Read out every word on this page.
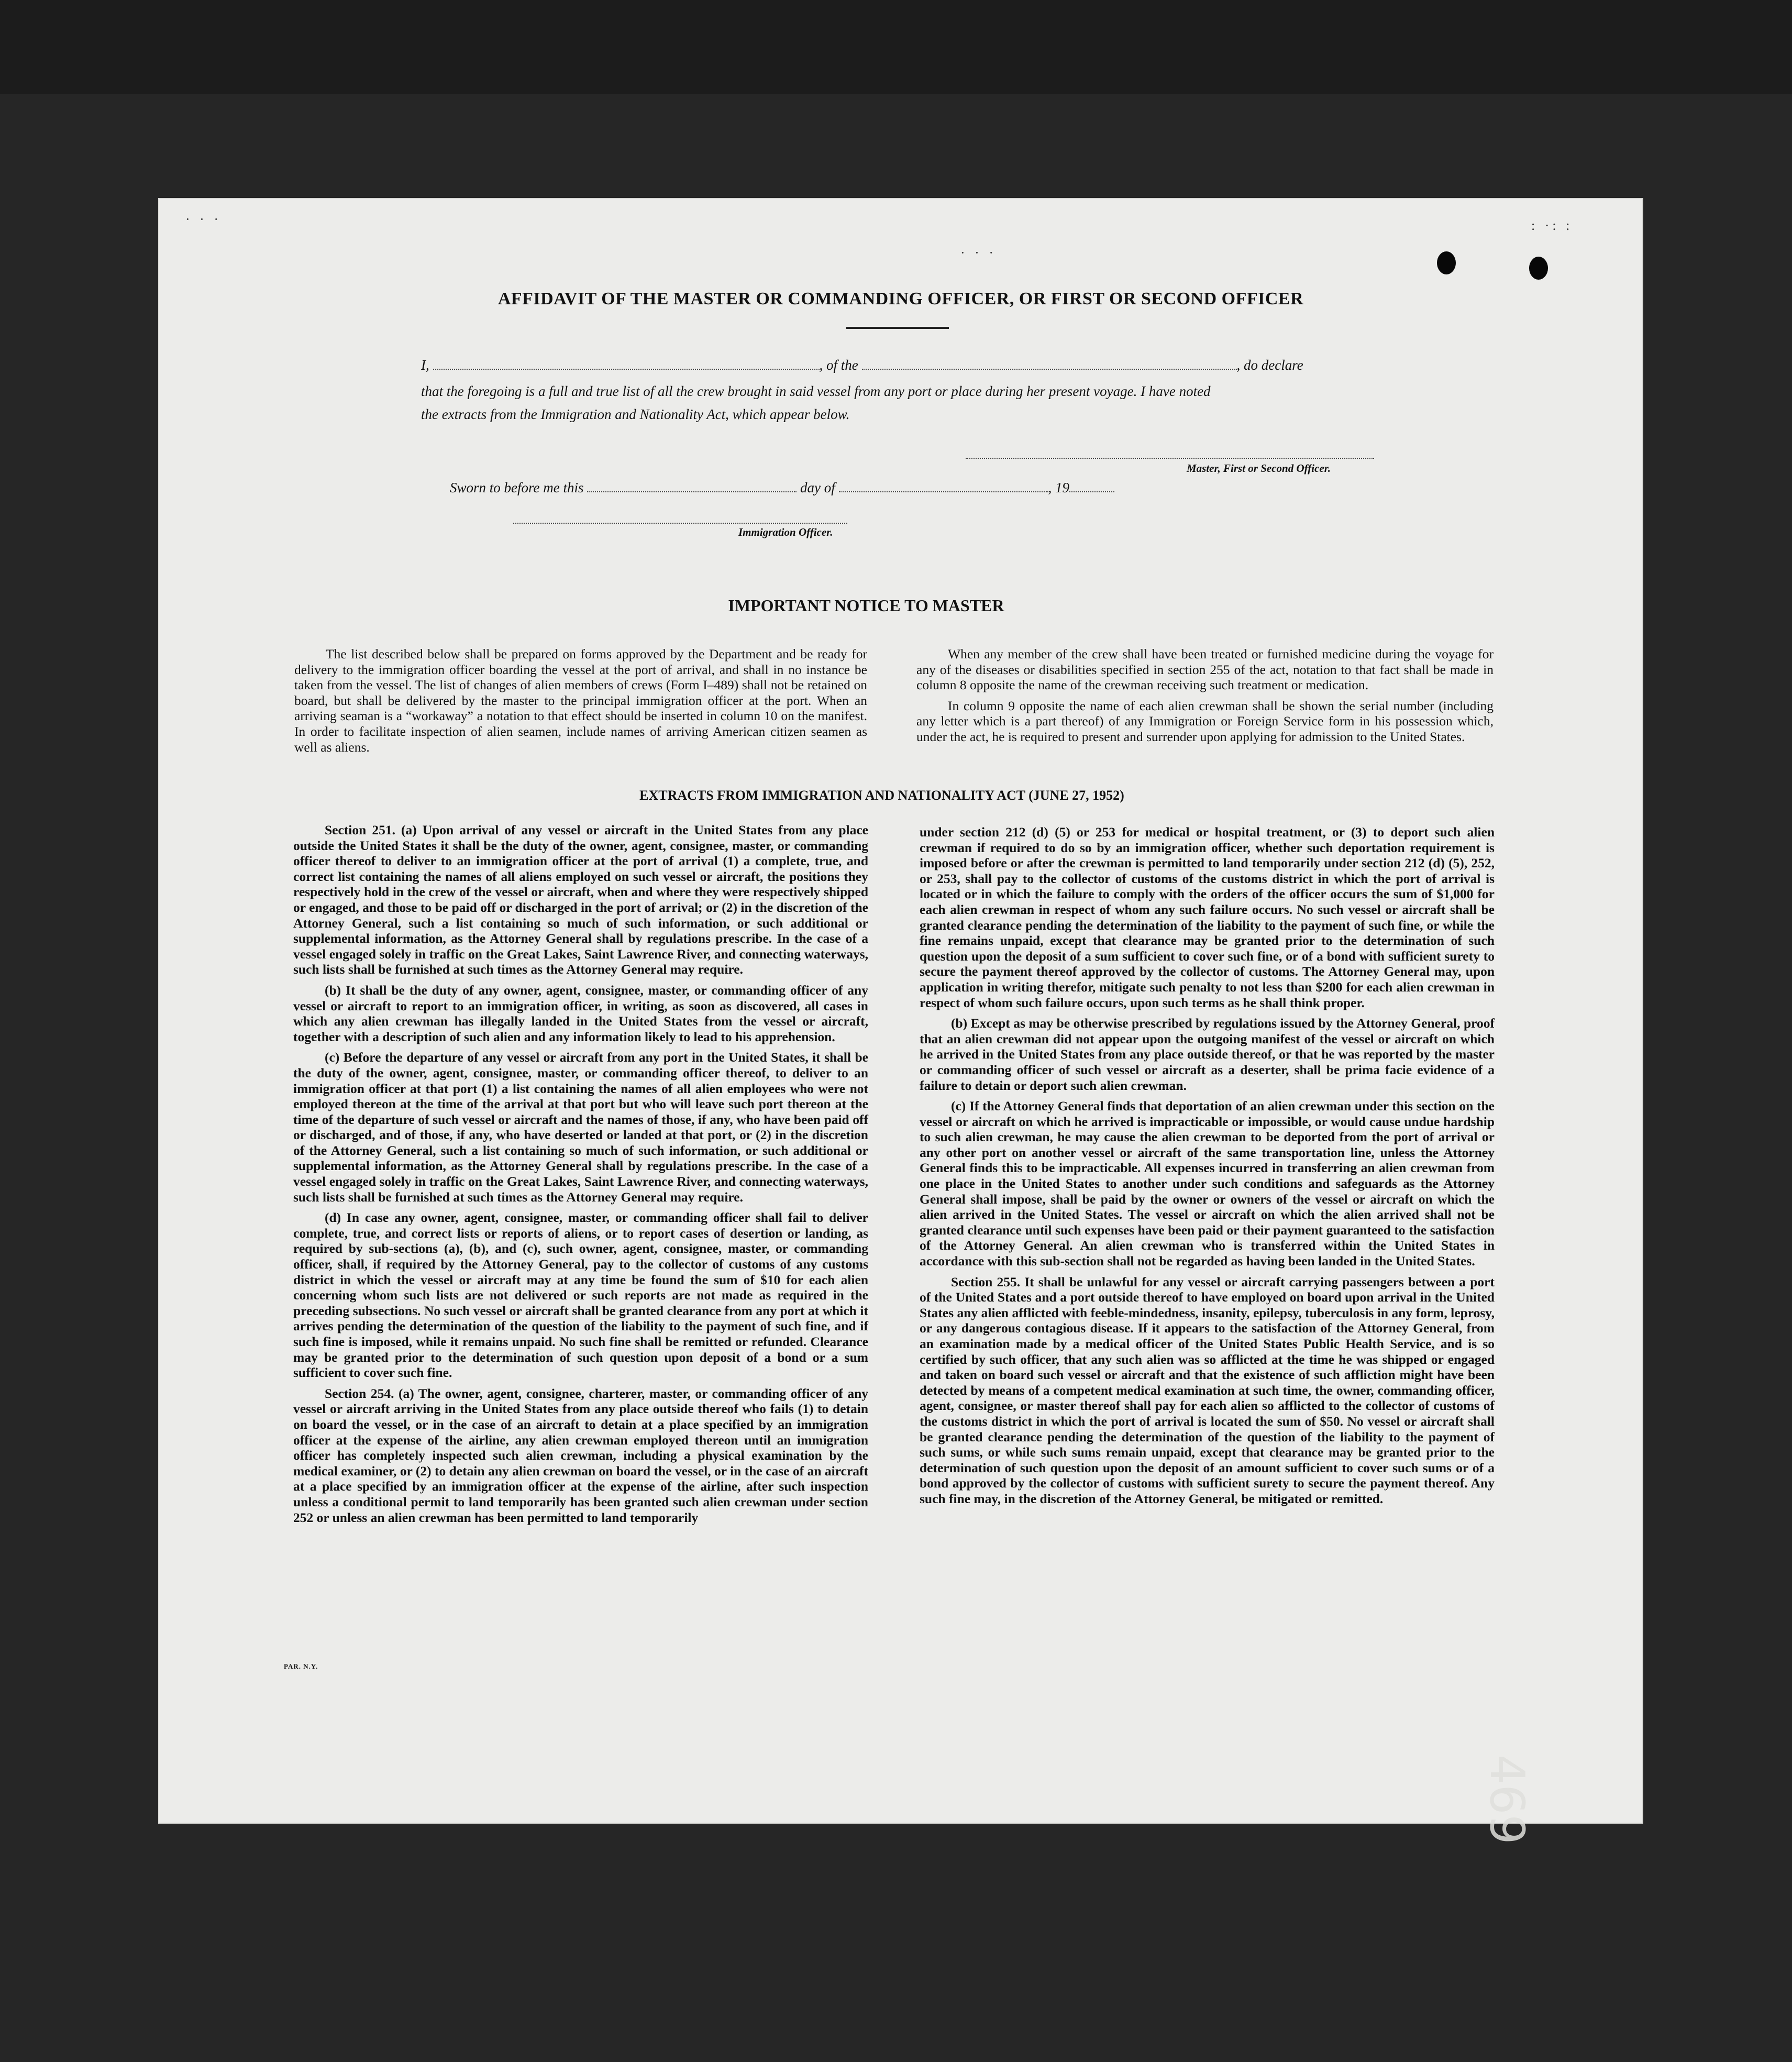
· · ·	: ·: :
· · ·
AFFIDAVIT OF THE MASTER OR COMMANDING OFFICER, OR FIRST OR SECOND OFFICER
I,	, of the	, do declare
that the foregoing is a full and true list of all the crew brought in said vessel from any port or place during her present voyage. I have noted
the extracts from the Immigration and Nationality Act, which appear below.
Master, First or Second Officer.
Sworn to before me this	day of	, 19
Immigration Officer.
IMPORTANT NOTICE TO MASTER

The list described below shall be prepared on forms approved by the Department and be ready for delivery to the immigration officer boarding the vessel at the port of arrival, and shall in no instance be taken from the vessel. The list of changes of alien members of crews (Form I–489) shall not be retained on board, but shall be delivered by the master to the principal immigration officer at the port. When an arriving seaman is a “workaway” a notation to that effect should be inserted in column 10 on the manifest. In order to facilitate inspection of alien seamen, include names of arriving American citizen seamen as well as aliens.

When any member of the crew shall have been treated or furnished medicine during the voyage for any of the diseases or disabilities specified in section 255 of the act, notation to that fact shall be made in column 8 opposite the name of the crewman receiving such treatment or medication.

In column 9 opposite the name of each alien crewman shall be shown the serial number (including any letter which is a part thereof) of any Immigration or Foreign Service form in his possession which, under the act, he is required to present and surrender upon applying for admission to the United States.

EXTRACTS FROM IMMIGRATION AND NATIONALITY ACT (JUNE 27, 1952)

Section 251. (a) Upon arrival of any vessel or aircraft in the United States from any place outside the United States it shall be the duty of the owner, agent, consignee, master, or commanding officer thereof to deliver to an immigration officer at the port of arrival (1) a complete, true, and correct list containing the names of all aliens employed on such vessel or aircraft, the positions they respectively hold in the crew of the vessel or aircraft, when and where they were respectively shipped or engaged, and those to be paid off or discharged in the port of arrival; or (2) in the discretion of the Attorney General, such a list containing so much of such information, or such additional or supplemental information, as the Attorney General shall by regulations prescribe. In the case of a vessel engaged solely in traffic on the Great Lakes, Saint Lawrence River, and connecting waterways, such lists shall be furnished at such times as the Attorney General may require.

(b) It shall be the duty of any owner, agent, consignee, master, or commanding officer of any vessel or aircraft to report to an immigration officer, in writing, as soon as discovered, all cases in which any alien crewman has illegally landed in the United States from the vessel or aircraft, together with a description of such alien and any information likely to lead to his apprehension.

(c) Before the departure of any vessel or aircraft from any port in the United States, it shall be the duty of the owner, agent, consignee, master, or commanding officer thereof, to deliver to an immigration officer at that port (1) a list containing the names of all alien employees who were not employed thereon at the time of the arrival at that port but who will leave such port thereon at the time of the departure of such vessel or aircraft and the names of those, if any, who have been paid off or discharged, and of those, if any, who have deserted or landed at that port, or (2) in the discretion of the Attorney General, such a list containing so much of such information, or such additional or supplemental information, as the Attorney General shall by regulations prescribe. In the case of a vessel engaged solely in traffic on the Great Lakes, Saint Lawrence River, and connecting waterways, such lists shall be furnished at such times as the Attorney General may require.

(d) In case any owner, agent, consignee, master, or commanding officer shall fail to deliver complete, true, and correct lists or reports of aliens, or to report cases of desertion or landing, as required by sub-sections (a), (b), and (c), such owner, agent, consignee, master, or commanding officer, shall, if required by the Attorney General, pay to the collector of customs of any customs district in which the vessel or aircraft may at any time be found the sum of $10 for each alien concerning whom such lists are not delivered or such reports are not made as required in the preceding subsections. No such vessel or aircraft shall be granted clearance from any port at which it arrives pending the determination of the question of the liability to the payment of such fine, and if such fine is imposed, while it remains unpaid. No such fine shall be remitted or refunded. Clearance may be granted prior to the determination of such question upon deposit of a bond or a sum sufficient to cover such fine.

Section 254. (a) The owner, agent, consignee, charterer, master, or commanding officer of any vessel or aircraft arriving in the United States from any place outside thereof who fails (1) to detain on board the vessel, or in the case of an aircraft to detain at a place specified by an immigration officer at the expense of the airline, any alien crewman employed thereon until an immigration officer has completely inspected such alien crewman, including a physical examination by the medical examiner, or (2) to detain any alien crewman on board the vessel, or in the case of an aircraft at a place specified by an immigration officer at the expense of the airline, after such inspection unless a conditional permit to land temporarily has been granted such alien crewman under section 252 or unless an alien crewman has been permitted to land temporarily

under section 212 (d) (5) or 253 for medical or hospital treatment, or (3) to deport such alien crewman if required to do so by an immigration officer, whether such deportation requirement is imposed before or after the crewman is permitted to land temporarily under section 212 (d) (5), 252, or 253, shall pay to the collector of customs of the customs district in which the port of arrival is located or in which the failure to comply with the orders of the officer occurs the sum of $1,000 for each alien crewman in respect of whom any such failure occurs. No such vessel or aircraft shall be granted clearance pending the determination of the liability to the payment of such fine, or while the fine remains unpaid, except that clearance may be granted prior to the determination of such question upon the deposit of a sum sufficient to cover such fine, or of a bond with sufficient surety to secure the payment thereof approved by the collector of customs. The Attorney General may, upon application in writing therefor, mitigate such penalty to not less than $200 for each alien crewman in respect of whom such failure occurs, upon such terms as he shall think proper.

(b) Except as may be otherwise prescribed by regulations issued by the Attorney General, proof that an alien crewman did not appear upon the outgoing manifest of the vessel or aircraft on which he arrived in the United States from any place outside thereof, or that he was reported by the master or commanding officer of such vessel or aircraft as a deserter, shall be prima facie evidence of a failure to detain or deport such alien crewman.

(c) If the Attorney General finds that deportation of an alien crewman under this section on the vessel or aircraft on which he arrived is impracticable or impossible, or would cause undue hardship to such alien crewman, he may cause the alien crewman to be deported from the port of arrival or any other port on another vessel or aircraft of the same transportation line, unless the Attorney General finds this to be impracticable. All expenses incurred in transferring an alien crewman from one place in the United States to another under such conditions and safeguards as the Attorney General shall impose, shall be paid by the owner or owners of the vessel or aircraft on which the alien arrived in the United States. The vessel or aircraft on which the alien arrived shall not be granted clearance until such expenses have been paid or their payment guaranteed to the satisfaction of the Attorney General. An alien crewman who is transferred within the United States in accordance with this sub-section shall not be regarded as having been landed in the United States.

Section 255. It shall be unlawful for any vessel or aircraft carrying passengers between a port of the United States and a port outside thereof to have employed on board upon arrival in the United States any alien afflicted with feeble-mindedness, insanity, epilepsy, tuberculosis in any form, leprosy, or any dangerous contagious disease. If it appears to the satisfaction of the Attorney General, from an examination made by a medical officer of the United States Public Health Service, and is so certified by such officer, that any such alien was so afflicted at the time he was shipped or engaged and taken on board such vessel or aircraft and that the existence of such affliction might have been detected by means of a competent medical examination at such time, the owner, commanding officer, agent, consignee, or master thereof shall pay for each alien so afflicted to the collector of customs of the customs district in which the port of arrival is located the sum of $50. No vessel or aircraft shall be granted clearance pending the determination of the question of the liability to the payment of such sums, or while such sums remain unpaid, except that clearance may be granted prior to the determination of such question upon the deposit of an amount sufficient to cover such sums or of a bond approved by the collector of customs with sufficient surety to secure the payment thereof. Any such fine may, in the discretion of the Attorney General, be mitigated or remitted.

PAR. N.Y.
469
